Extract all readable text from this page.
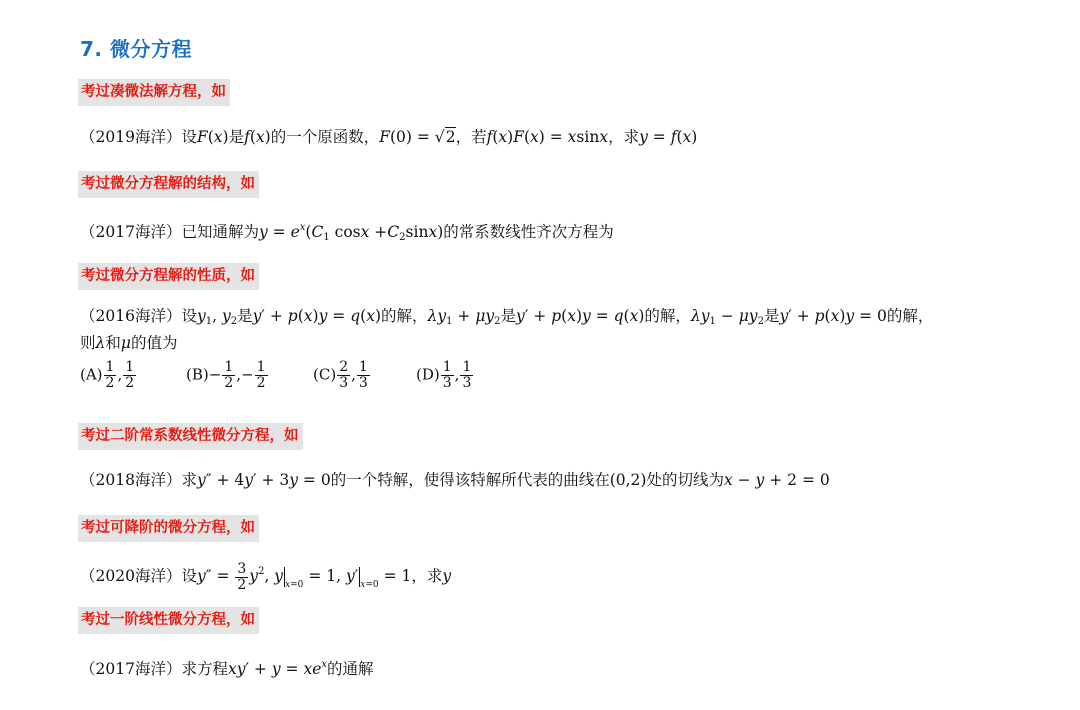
7. 微分方程
考过凑微法解方程，如
（2019海洋）设F(x)是f(x)的一个原函数，F(0) = √2，若f(x)F(x) = xsinx，求y = f(x)
考过微分方程解的结构，如
（2017海洋）已知通解为$y = e^x(C_1$ $\cos x +C_2\sin x$)的常系数线性齐次方程为
考过微分方程解的性质，如
（2016海洋）设$y_1$, $y_2$是y′ + p(x)y = q(x)的解，$\lambda y_1 + \mu y_2$是y′ + p(x)y = q(x)的解，$\lambda y_1 - \mu y_2$是y′ + p(x)y = 0的解，
则λ和μ的值为
$(A) \frac{1}{2}$ , $\frac{1}{2}$	$(B)- \frac{1}{2}$ ,− $\frac{1}{2}$	$(C) \frac{2}{3}$ , $\frac{1}{3}$	$(D) \frac{1}{3}$ , $\frac{1}{3}$
考过二阶常系数线性微分方程，如
（2018海洋）求y″ + 4y′ + 3y = 0的一个特解，使得该特解所代表的曲线在(0,2)处的切线为x − y + 2 = 0
考过可降阶的微分方程，如
（2020海洋）设$y'' = \frac{3}{2} y^2$, y $_{x=0}$ = 1, y′ $_{x=0}$ = 1，求y
考过一阶线性微分方程，如
（2017海洋）求方程$xy' + y = xe^x$的通解
